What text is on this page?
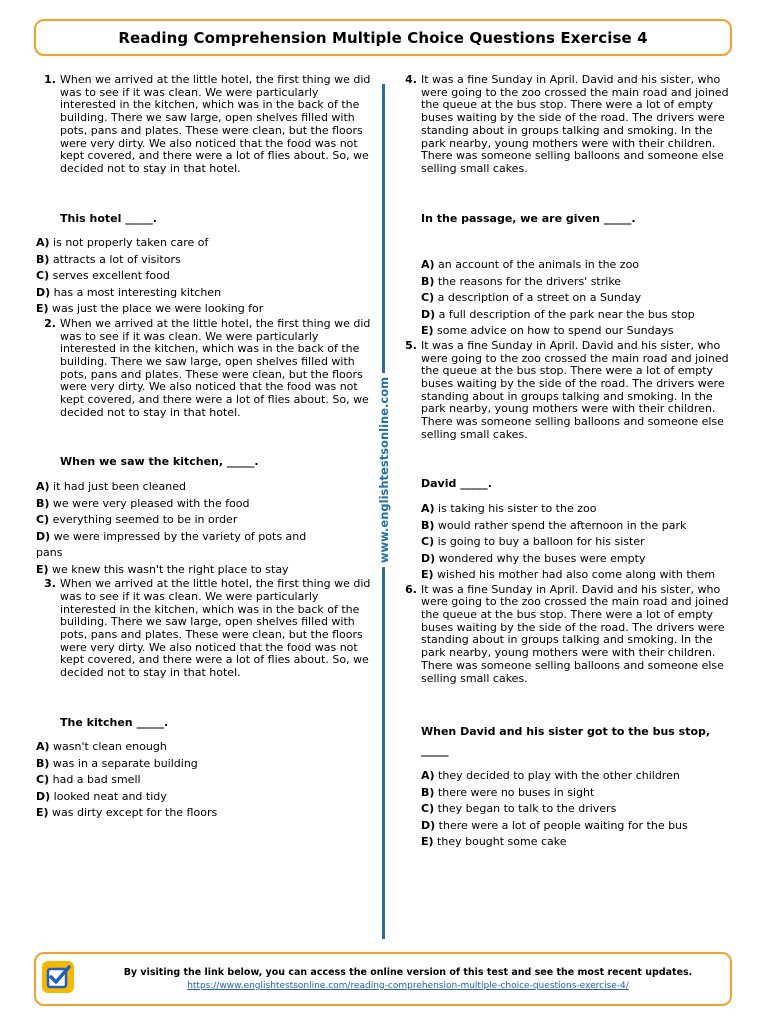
Reading Comprehension Multiple Choice Questions Exercise 4
www.englishtestsonline.com
1. When we arrived at the little hotel, the first thing we did was to see if it was clean. We were particularly interested in the kitchen, which was in the back of the building. There we saw large, open shelves filled with pots, pans and plates. These were clean, but the floors were very dirty. We also noticed that the food was not kept covered, and there were a lot of flies about. So, we decided not to stay in that hotel.

This hotel _____.

A) is not properly taken care of
B) attracts a lot of visitors
C) serves excellent food
D) has a most interesting kitchen
E) was just the place we were looking for
2. When we arrived at the little hotel, the first thing we did was to see if it was clean. We were particularly interested in the kitchen, which was in the back of the building. There we saw large, open shelves filled with pots, pans and plates. These were clean, but the floors were very dirty. We also noticed that the food was not kept covered, and there were a lot of flies about. So, we decided not to stay in that hotel.

When we saw the kitchen, _____.

A) it had just been cleaned
B) we were very pleased with the food
C) everything seemed to be in order
D) we were impressed by the variety of pots and pans
E) we knew this wasn't the right place to stay
3. When we arrived at the little hotel, the first thing we did was to see if it was clean. We were particularly interested in the kitchen, which was in the back of the building. There we saw large, open shelves filled with pots, pans and plates. These were clean, but the floors were very dirty. We also noticed that the food was not kept covered, and there were a lot of flies about. So, we decided not to stay in that hotel.

The kitchen _____.

A) wasn't clean enough
B) was in a separate building
C) had a bad smell
D) looked neat and tidy
E) was dirty except for the floors
4. It was a fine Sunday in April. David and his sister, who were going to the zoo crossed the main road and joined the queue at the bus stop. There were a lot of empty buses waiting by the side of the road. The drivers were standing about in groups talking and smoking. In the park nearby, young mothers were with their children. There was someone selling balloons and someone else selling small cakes.

In the passage, we are given _____.

A) an account of the animals in the zoo
B) the reasons for the drivers' strike
C) a description of a street on a Sunday
D) a full description of the park near the bus stop
E) some advice on how to spend our Sundays
5. It was a fine Sunday in April. David and his sister, who were going to the zoo crossed the main road and joined the queue at the bus stop. There were a lot of empty buses waiting by the side of the road. The drivers were standing about in groups talking and smoking. In the park nearby, young mothers were with their children. There was someone selling balloons and someone else selling small cakes.

David _____.

A) is taking his sister to the zoo
B) would rather spend the afternoon in the park
C) is going to buy a balloon for his sister
D) wondered why the buses were empty
E) wished his mother had also come along with them
6. It was a fine Sunday in April. David and his sister, who were going to the zoo crossed the main road and joined the queue at the bus stop. There were a lot of empty buses waiting by the side of the road. The drivers were standing about in groups talking and smoking. In the park nearby, young mothers were with their children. There was someone selling balloons and someone else selling small cakes.

When David and his sister got to the bus stop, _____

A) they decided to play with the other children
B) there were no buses in sight
C) they began to talk to the drivers
D) there were a lot of people waiting for the bus
E) they bought some cake
By visiting the link below, you can access the online version of this test and see the most recent updates.
https://www.englishtestsonline.com/reading-comprehension-multiple-choice-questions-exercise-4/
